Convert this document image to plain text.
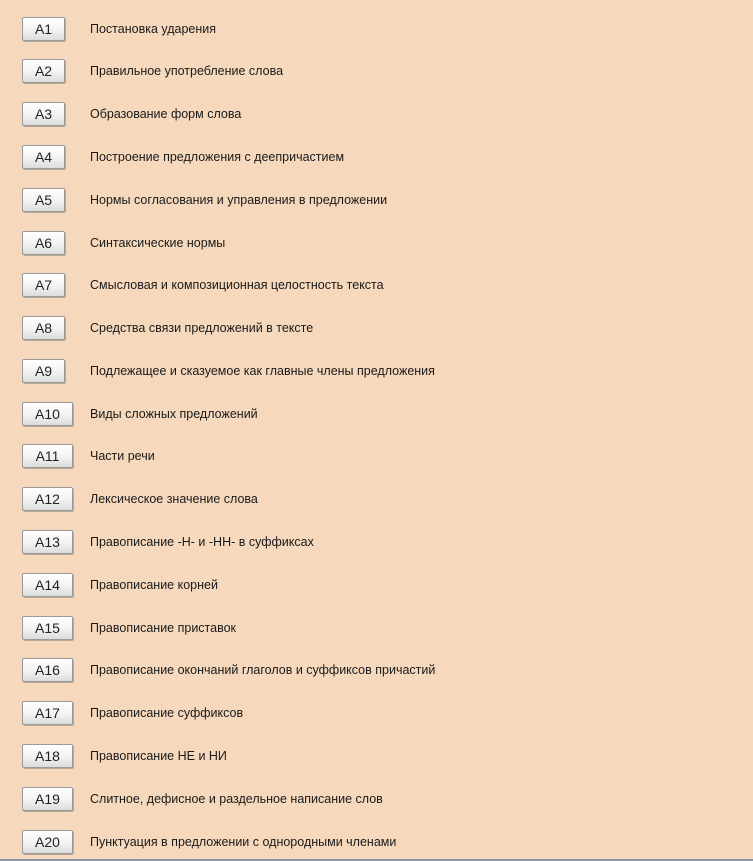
А1	Постановка ударения
А2	Правильное употребление слова
А3	Образование форм слова
А4	Построение предложения с деепричастием
А5	Нормы согласования и управления в предложении
А6	Синтаксические нормы
А7	Смысловая и композиционная целостность текста
А8	Средства связи предложений в тексте
А9	Подлежащее и сказуемое как главные члены предложения
А10	Виды сложных предложений
А11	Части речи
А12	Лексическое значение слова
А13	Правописание -Н- и -НН- в суффиксах
А14	Правописание корней
А15	Правописание приставок
А16	Правописание окончаний глаголов и суффиксов причастий
А17	Правописание суффиксов
А18	Правописание НЕ и НИ
А19	Слитное, дефисное и раздельное написание слов
А20	Пунктуация в предложении с однородными членами
